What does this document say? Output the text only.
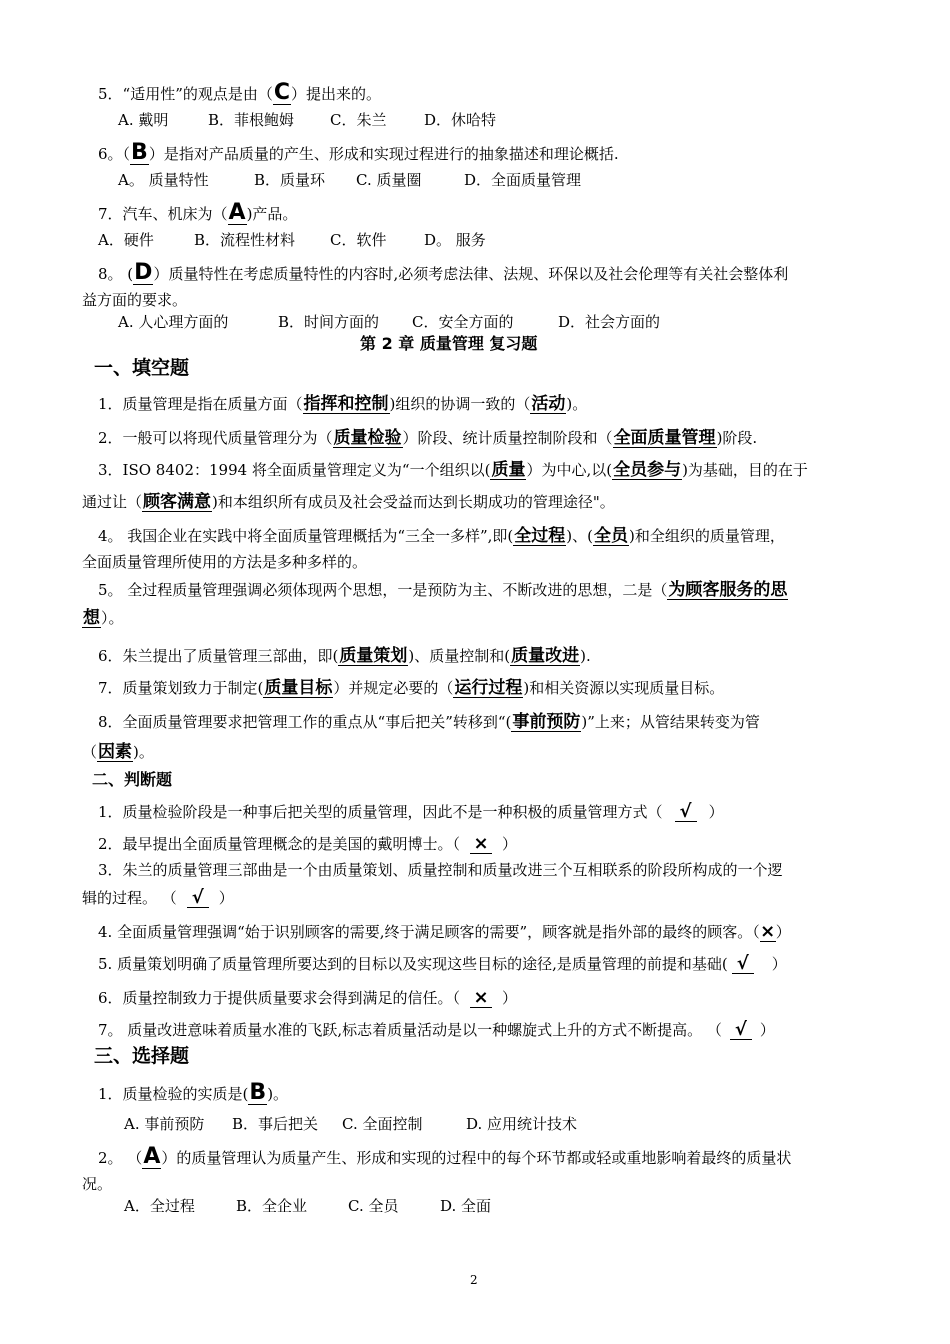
5．“适用性”的观点是由（C）提出来的。
A. 戴明	B．菲根鲍姆 C．朱兰	D．休哈特
6。（B）是指对产品质量的产生、形成和实现过程进行的抽象描述和理论概括.
A。 质量特性	B．质量环 C. 质量圈	D．全面质量管理
7．汽车、机床为（A)产品。
A．硬件	B．流程性材料 C．软件	D。 服务
8。 (D）质量特性在考虑质量特性的内容时,必须考虑法律、法规、环保以及社会伦理等有关社会整体利
益方面的要求。
A. 人心理方面的	B．时间方面的 C．安全方面的	D．社会方面的
第 2 章 质量管理 复习题
一、填空题
1．质量管理是指在质量方面（指挥和控制)组织的协调一致的（活动)。
2．一般可以将现代质量管理分为（质量检验）阶段、统计质量控制阶段和（全面质量管理)阶段.
3．ISO 8402：1994 将全面质量管理定义为“一个组织以(质量）为中心,以(全员参与)为基础，目的在于
通过让（顾客满意)和本组织所有成员及社会受益而达到长期成功的管理途径"。
4。 我国企业在实践中将全面质量管理概括为“三全一多样”,即(全过程)、(全员)和全组织的质量管理，
全面质量管理所使用的方法是多种多样的。
5。 全过程质量管理强调必须体现两个思想，一是预防为主、不断改进的思想，二是（为顾客服务的思
想）。
6．朱兰提出了质量管理三部曲，即(质量策划)、质量控制和(质量改进).
7．质量策划致力于制定(质量目标）并规定必要的（运行过程)和相关资源以实现质量目标。
8．全面质量管理要求把管理工作的重点从“事后把关”转移到“(事前预防)”上来；从管结果转变为管
（因素)。
二、判断题
1．质量检验阶段是一种事后把关型的质量管理，因此不是一种积极的质量管理方式（ √ ）
2．最早提出全面质量管理概念的是美国的戴明博士。（ × ）
3．朱兰的质量管理三部曲是一个由质量策划、质量控制和质量改进三个互相联系的阶段所构成的一个逻
辑的过程。 （ √ ）
4. 全面质量管理强调“始于识别顾客的需要,终于满足顾客的需要”，顾客就是指外部的最终的顾客。（×）
5. 质量策划明确了质量管理所要达到的目标以及实现这些目标的途径,是质量管理的前提和基础( √ ）
6．质量控制致力于提供质量要求会得到满足的信任。（ × ）
7。 质量改进意味着质量水准的飞跃,标志着质量活动是以一种螺旋式上升的方式不断提高。 （ √ ）
三、选择题
1．质量检验的实质是(B)。
A. 事前预防 B．事后把关 C. 全面控制	D. 应用统计技术
2。 （A）的质量管理认为质量产生、形成和实现的过程中的每个环节都或轻或重地影响着最终的质量状
况。
A．全过程	B．全企业	C. 全员	D. 全面
2
